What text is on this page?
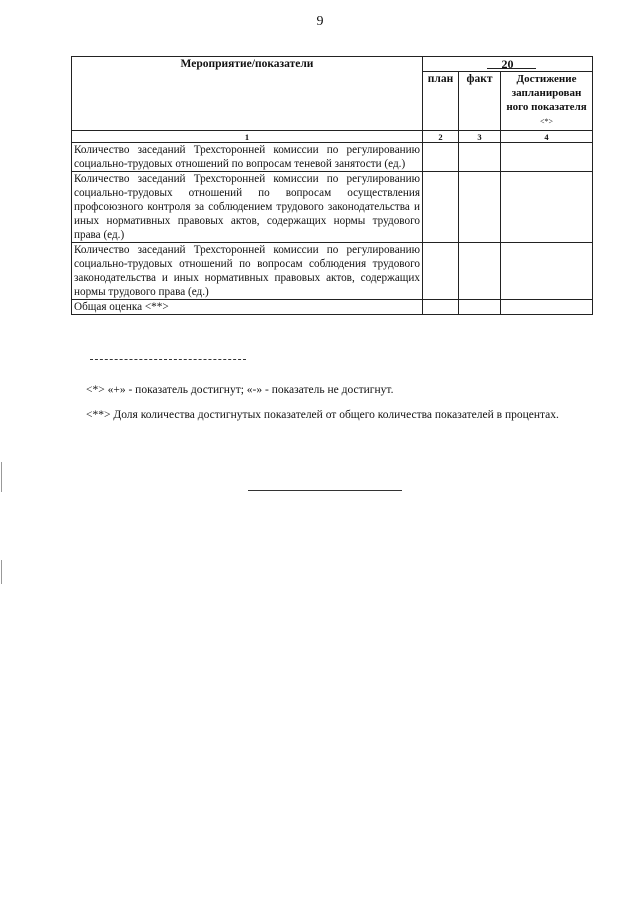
9
Мероприятие/показатели	20		

	план	факт	Достижение запланирован ного показателя <*>
1	2	3	4
Количество заседаний Трехсторонней комиссии по регулированию социально-трудовых отношений по вопросам теневой занятости (ед.)			
Количество заседаний Трехсторонней комиссии по регулированию социально-трудовых отношений по вопросам осуществления профсоюзного контроля за соблюдением трудового законодательства и иных нормативных правовых актов, содержащих нормы трудового права (ед.)			
Количество заседаний Трехсторонней комиссии по регулированию социально-трудовых отношений по вопросам соблюдения трудового законодательства и иных нормативных правовых актов, содержащих нормы трудового права (ед.)			
Общая оценка <**>			
<*> «+» - показатель достигнут; «-» - показатель не достигнут.
<**> Доля количества достигнутых показателей от общего количества показателей в процентах.
